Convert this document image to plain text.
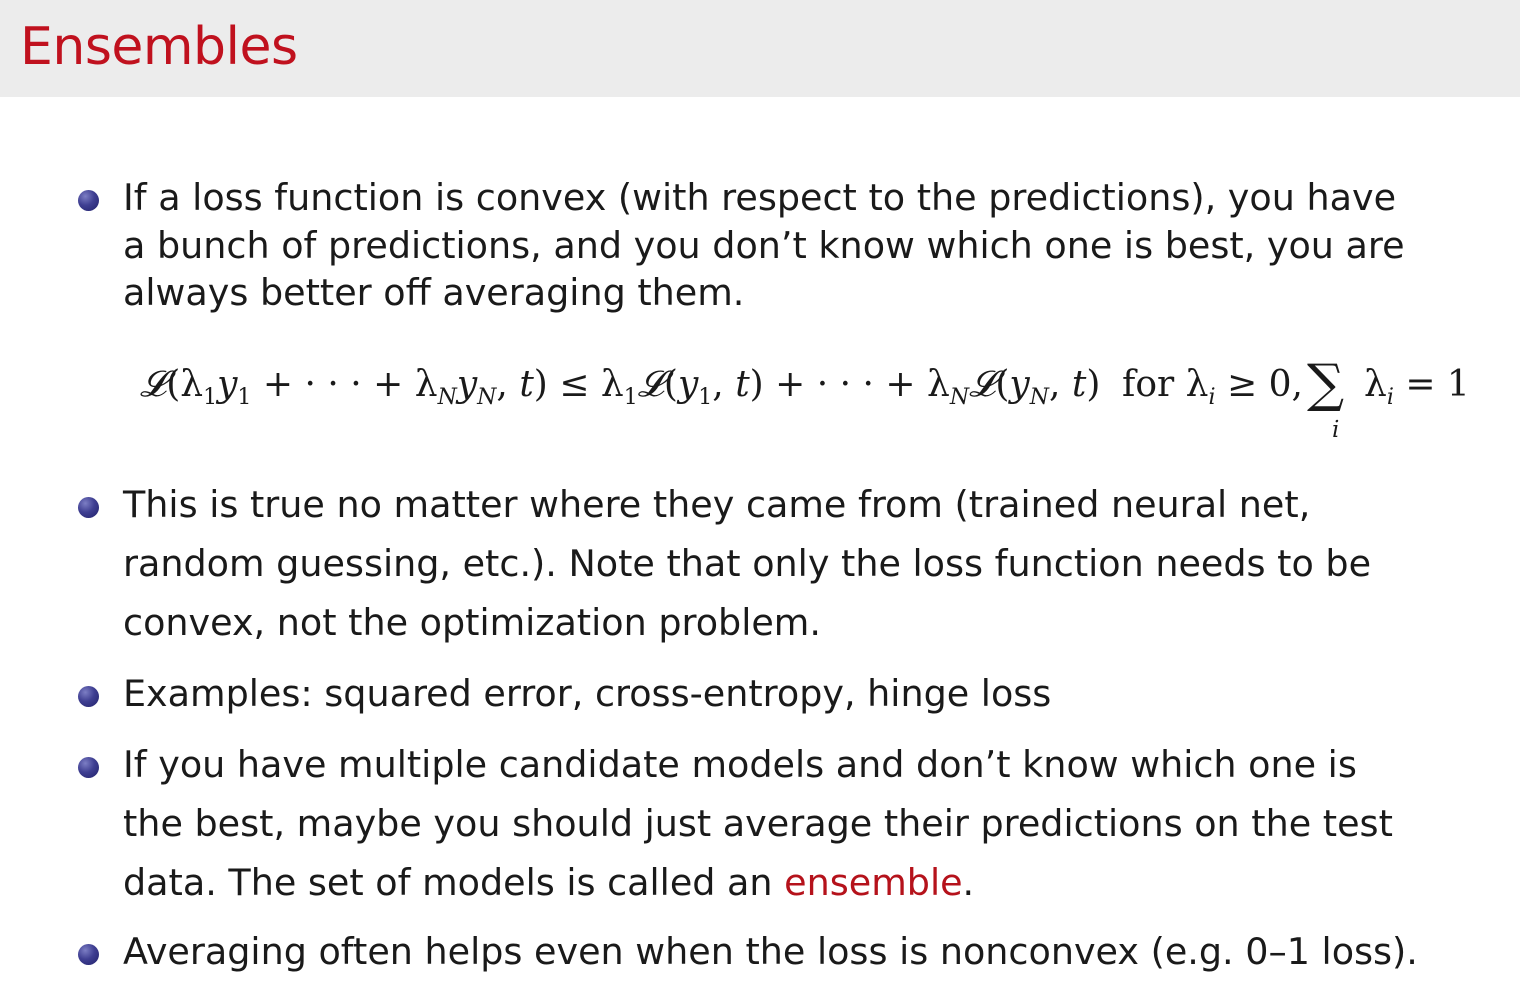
Ensembles

If a loss function is convex (with respect to the predictions), you have
a bunch of predictions, and you don’t know which one is best, you are
always better off averaging them.

$𝓛(\lambda_1y_1$ + · · · + $\lambda_Ny_N$, $t) \le \lambda_1𝓛(y_1$, t) + · · · + $\lambda_N𝓛(y_N$, t) for $\lambda_i \ge 0$, ∑
i
$\lambda_i = 1$

This is true no matter where they came from (trained neural net,
random guessing, etc.). Note that only the loss function needs to be
convex, not the optimization problem.

Examples: squared error, cross-entropy, hinge loss

If you have multiple candidate models and don’t know which one is
the best, maybe you should just average their predictions on the test
data. The set of models is called an ensemble.

Averaging often helps even when the loss is nonconvex (e.g. 0–1 loss).
